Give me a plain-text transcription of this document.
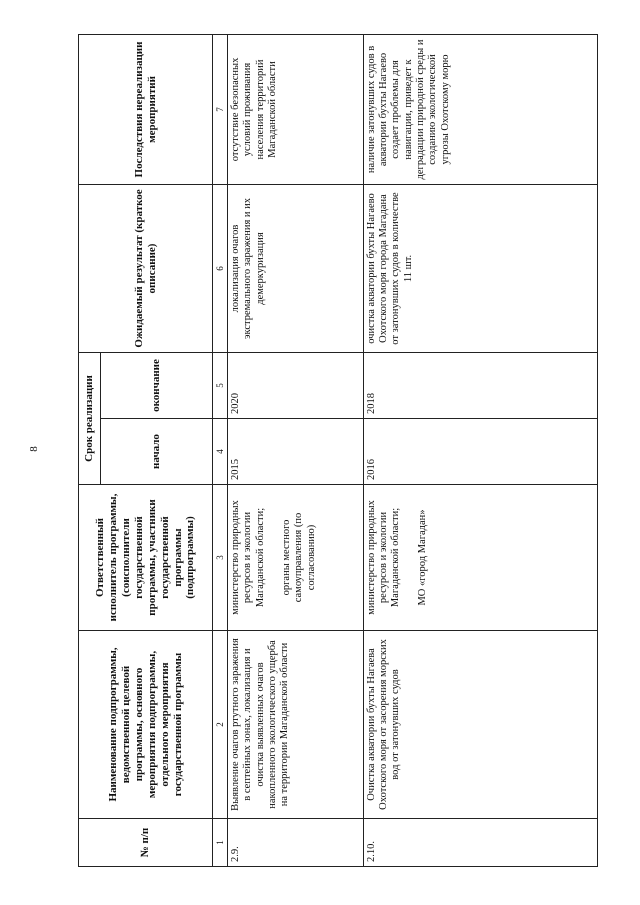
8
№ п/п	Наименование подпрограммы, ведомственной целевой программы, основного мероприятия подпрограммы, отдельного мероприятия государственной программы	Ответственный исполнитель программы, (соисполнители государственной программы, участники государственной программы (подпрограммы)	Срок реализации		Ожидаемый результат (краткое описание)	Последствия нереализации мероприятий
			начало	окончание		
1	2	3	4	5	6	7
2.9.	Выявление очагов ртутного заражения в септейных зонах, локализация и очистка выявленных очагов накопленного экологического ущерба на территории Магаданской области	министерство природных ресурсов и экологии Магаданской области; органы местного самоуправления (по согласованию)	2015	2020	локализация очагов экстремального заражения и их демеркуризация	отсутствие безопасных условий проживания населения территорий Магаданской области
2.10.	Очистка акватории бухты Нагаева Охотского моря от засорения морских вод от затонувших судов	министерство природных ресурсов и экологии Магаданской области; МО «город Магадан»	2016	2018	очистка акватории бухты Нагаево Охотского моря города Магадана от затонувших судов в количестве 11 шт.	наличие затонувших судов в акватории бухты Нагаево создает проблемы для навигации, приведет к деградации природной среды и созданию экологической угрозы Охотскому морю
